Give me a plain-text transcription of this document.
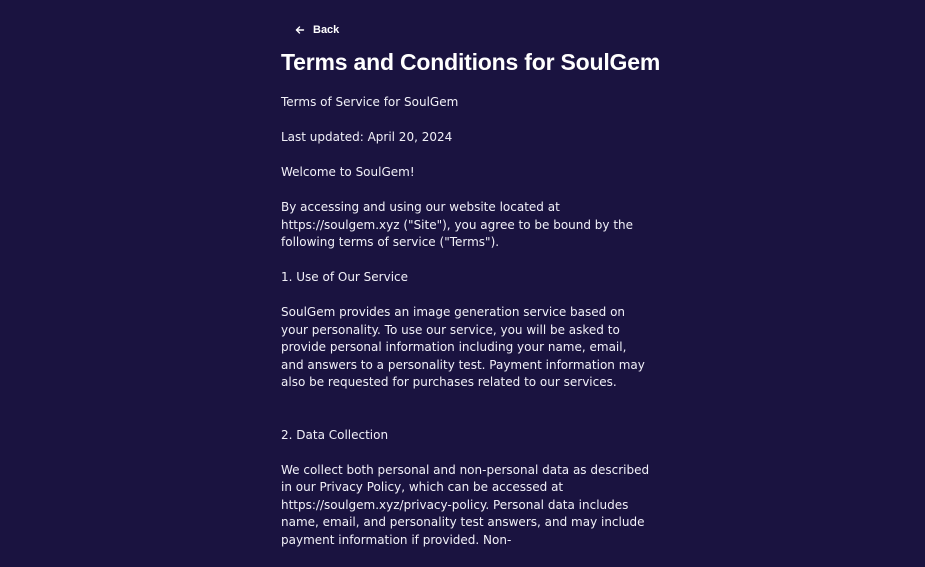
Back
Terms and Conditions for SoulGem

Terms of Service for SoulGem

Last updated: April 20, 2024

Welcome to SoulGem!

By accessing and using our website located at https://soulgem.xyz ("Site"), you agree to be bound by the following terms of service ("Terms").

1. Use of Our Service

SoulGem provides an image generation service based on your personality. To use our service, you will be asked to provide personal information including your name, email, and answers to a personality test. Payment information may also be requested for purchases related to our services.

2. Data Collection

We collect both personal and non-personal data as described in our Privacy Policy, which can be accessed at https://soulgem.xyz/privacy-policy. Personal data includes name, email, and personality test answers, and may include payment information if provided. Non-
